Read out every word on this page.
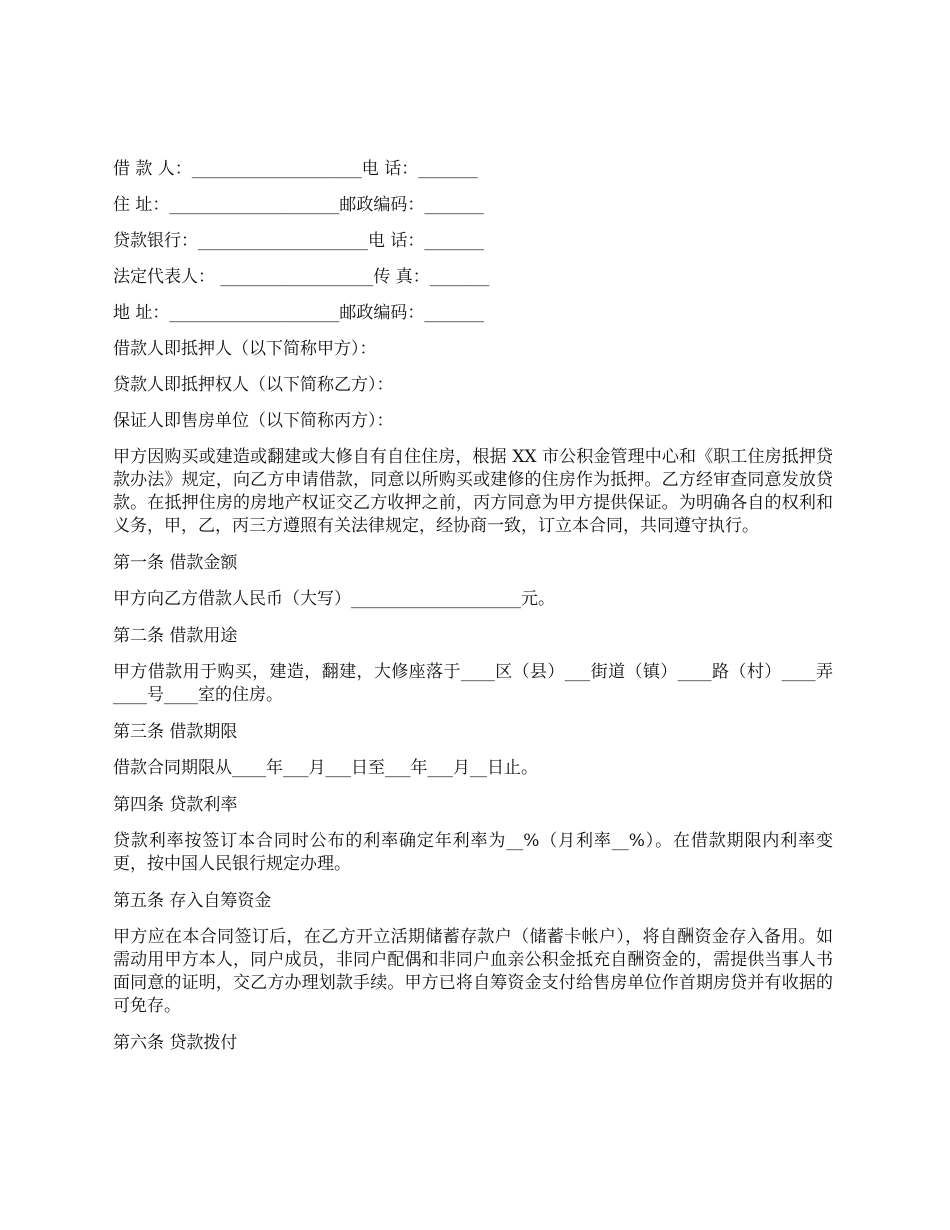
借 款 人：____________________电 话：_______
住 址：____________________邮政编码：_______
贷款银行：____________________电 话：_______
法定代表人： __________________传 真：_______
地 址：____________________邮政编码：_______
借款人即抵押人（以下简称甲方）：
贷款人即抵押权人（以下简称乙方）：
保证人即售房单位（以下简称丙方）：

甲方因购买或建造或翻建或大修自有自住住房，根据 XX 市公积金管理中心和《职工住房抵押贷款办法》规定，向乙方申请借款，同意以所购买或建修的住房作为抵押。乙方经审查同意发放贷款。在抵押住房的房地产权证交乙方收押之前，丙方同意为甲方提供保证。为明确各自的权利和义务，甲，乙，丙三方遵照有关法律规定，经协商一致，订立本合同，共同遵守执行。

第一条 借款金额

甲方向乙方借款人民币（大写）____________________元。

第二条 借款用途

甲方借款用于购买，建造，翻建，大修座落于____区（县）___街道（镇）____路（村）____弄____号____室的住房。

第三条 借款期限

借款合同期限从____年___月___日至___年___月__日止。

第四条 贷款利率

贷款利率按签订本合同时公布的利率确定年利率为__%（月利率__%）。在借款期限内利率变更，按中国人民银行规定办理。

第五条 存入自筹资金

甲方应在本合同签订后，在乙方开立活期储蓄存款户（储蓄卡帐户），将自酬资金存入备用。如需动用甲方本人，同户成员，非同户配偶和非同户血亲公积金抵充自酬资金的，需提供当事人书面同意的证明，交乙方办理划款手续。甲方已将自筹资金支付给售房单位作首期房贷并有收据的可免存。

第六条 贷款拨付
